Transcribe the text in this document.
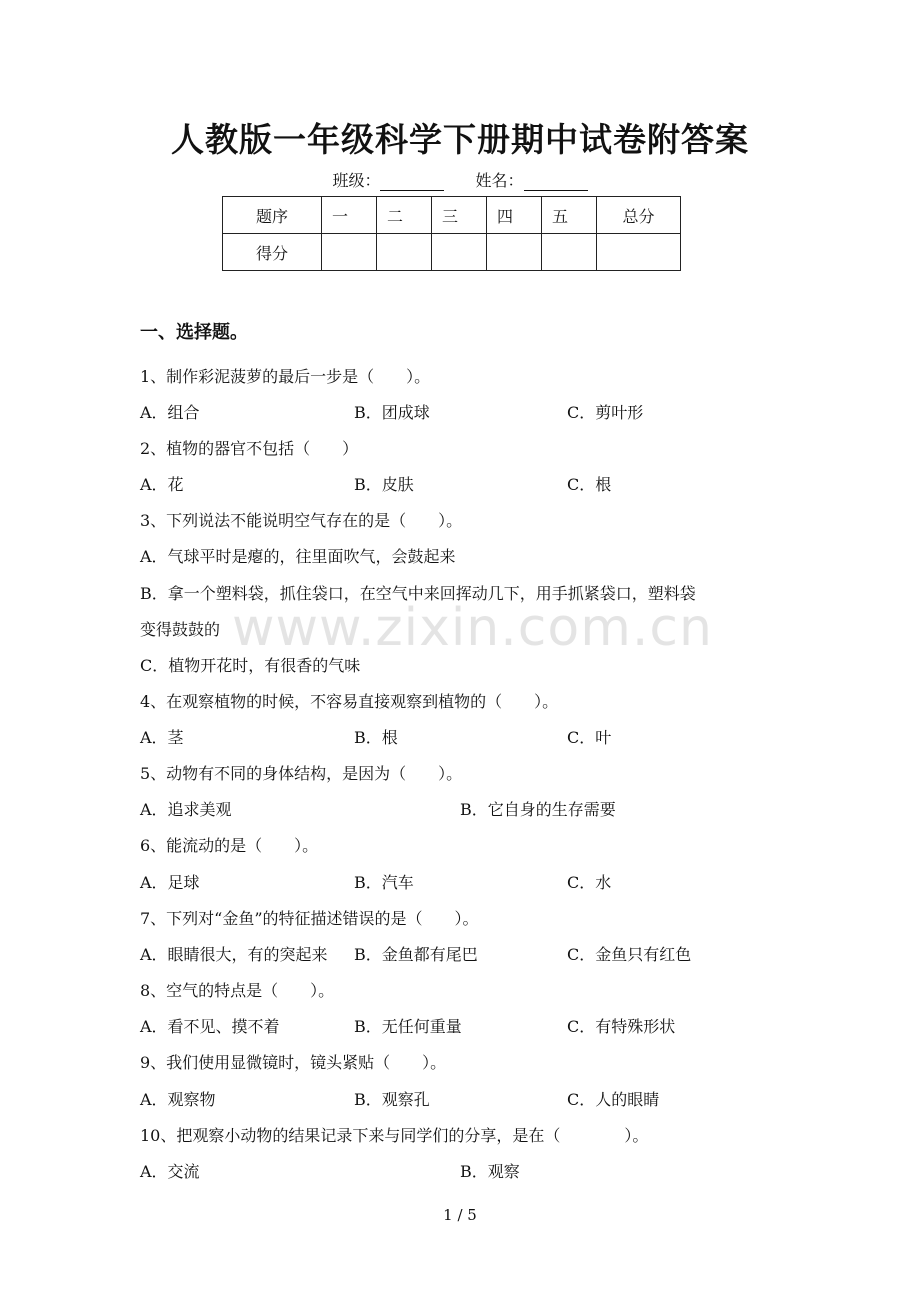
人教版一年级科学下册期中试卷附答案
班级：	姓名：
题序	一	二	三	四	五	总分
得分						
一、选择题。
www.zixin.com.cn
1、制作彩泥菠萝的最后一步是（　　）。
A．组合	B．团成球	C．剪叶形
2、植物的器官不包括（　　）
A．花	B．皮肤	C．根
3、下列说法不能说明空气存在的是（　　）。
A．气球平时是瘪的，往里面吹气，会鼓起来
B．拿一个塑料袋，抓住袋口，在空气中来回挥动几下，用手抓紧袋口，塑料袋
变得鼓鼓的
C．植物开花时，有很香的气味
4、在观察植物的时候，不容易直接观察到植物的（　　）。
A．茎	B．根	C．叶
5、动物有不同的身体结构，是因为（　　）。
A．追求美观	B．它自身的生存需要
6、能流动的是（　　）。
A．足球	B．汽车	C．水
7、下列对“金鱼”的特征描述错误的是（　　）。
A．眼睛很大，有的突起来 B．金鱼都有尾巴	C．金鱼只有红色
8、空气的特点是（　　）。
A．看不见、摸不着	B．无任何重量	C．有特殊形状
9、我们使用显微镜时，镜头紧贴（　　）。
A．观察物	B．观察孔	C．人的眼睛
10、把观察小动物的结果记录下来与同学们的分享，是在（　　　　）。
A．交流	B．观察
1 / 5
